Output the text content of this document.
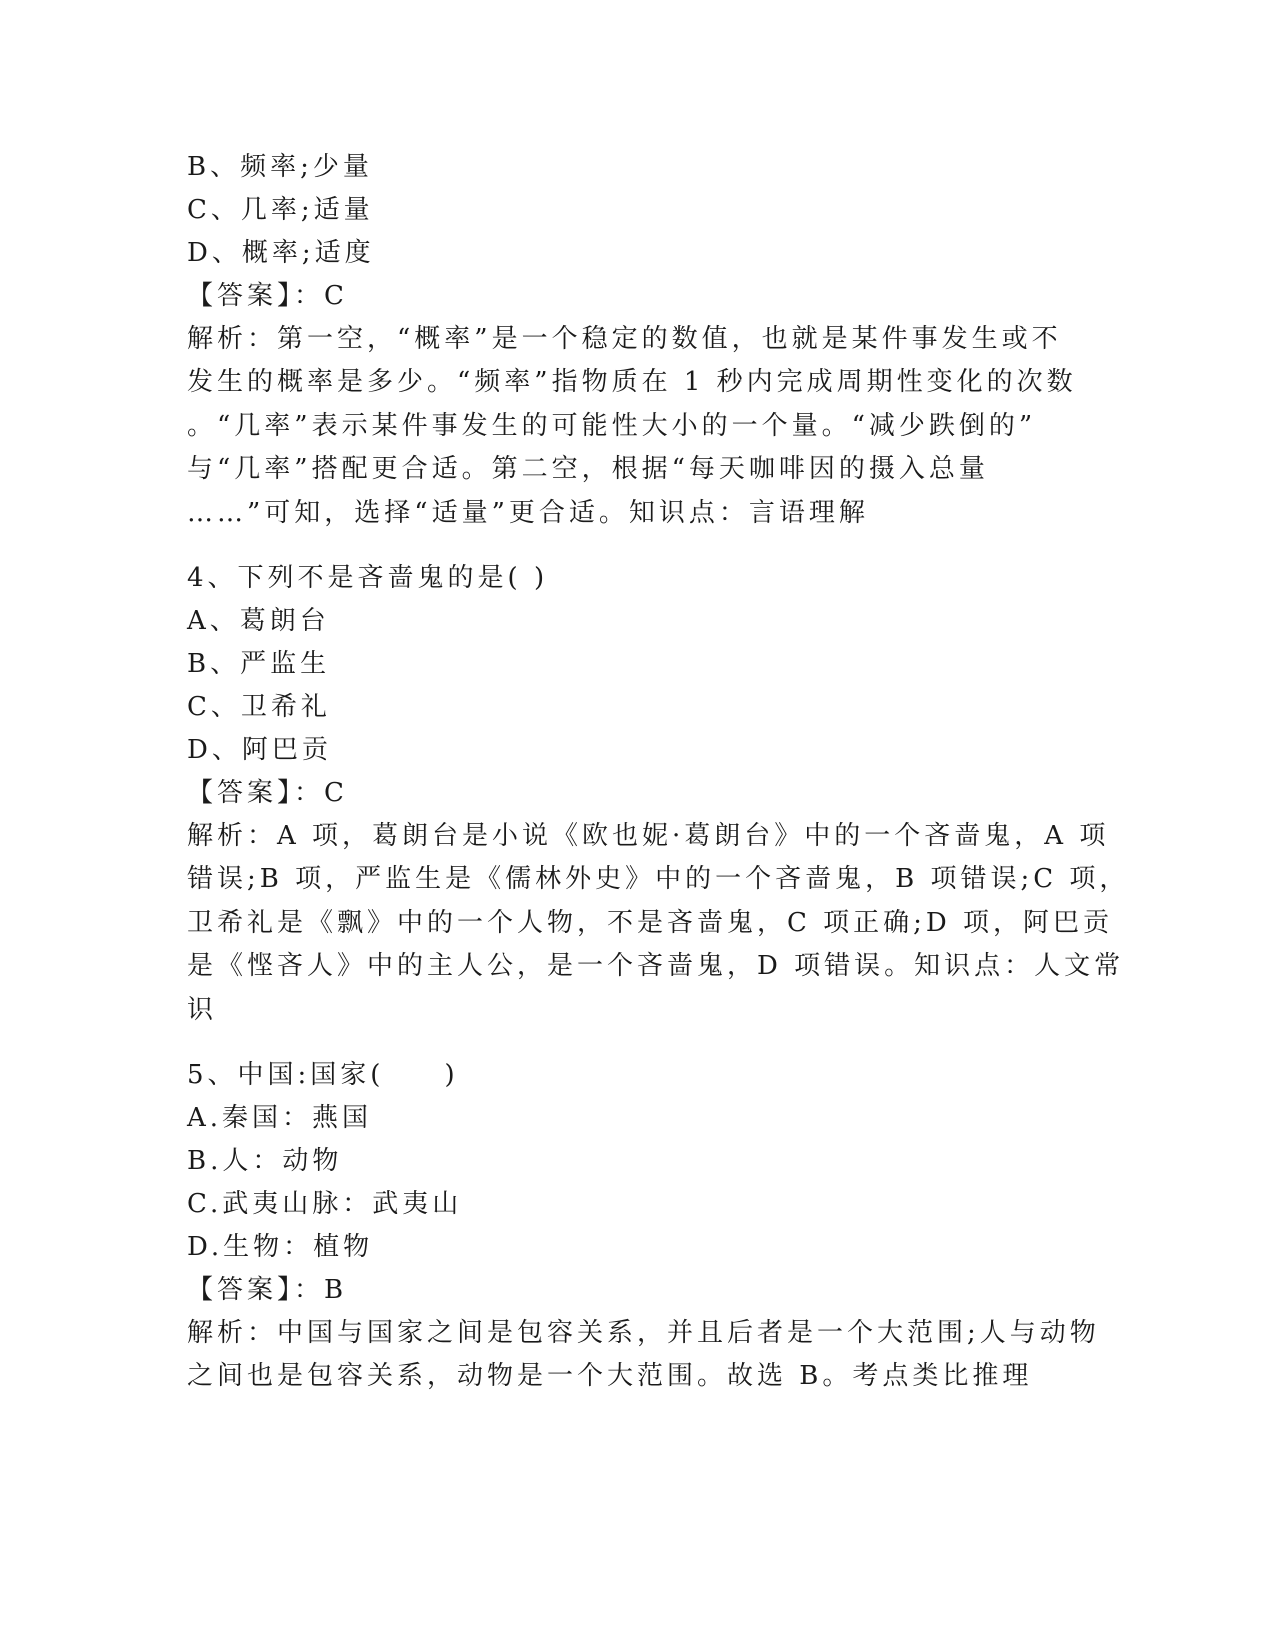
B、频率;少量
C、几率;适量
D、概率;适度
【答案】：C
解析：第一空，“概率”是一个稳定的数值，也就是某件事发生或不
发生的概率是多少。“频率”指物质在 1 秒内完成周期性变化的次数
。“几率”表示某件事发生的可能性大小的一个量。“减少跌倒的”
与“几率”搭配更合适。第二空，根据“每天咖啡因的摄入总量
……”可知，选择“适量”更合适。知识点：言语理解
4、下列不是吝啬鬼的是( )
A、葛朗台
B、严监生
C、卫希礼
D、阿巴贡
【答案】：C
解析：A 项，葛朗台是小说《欧也妮·葛朗台》中的一个吝啬鬼，A 项
错误;B 项，严监生是《儒林外史》中的一个吝啬鬼，B 项错误;C 项，
卫希礼是《飘》中的一个人物，不是吝啬鬼，C 项正确;D 项，阿巴贡
是《悭吝人》中的主人公，是一个吝啬鬼，D 项错误。知识点：人文常
识
5、中国:国家(　　)
A.秦国：燕国
B.人：动物
C.武夷山脉：武夷山
D.生物：植物
【答案】：B
解析：中国与国家之间是包容关系，并且后者是一个大范围;人与动物
之间也是包容关系，动物是一个大范围。故选 B。考点类比推理
